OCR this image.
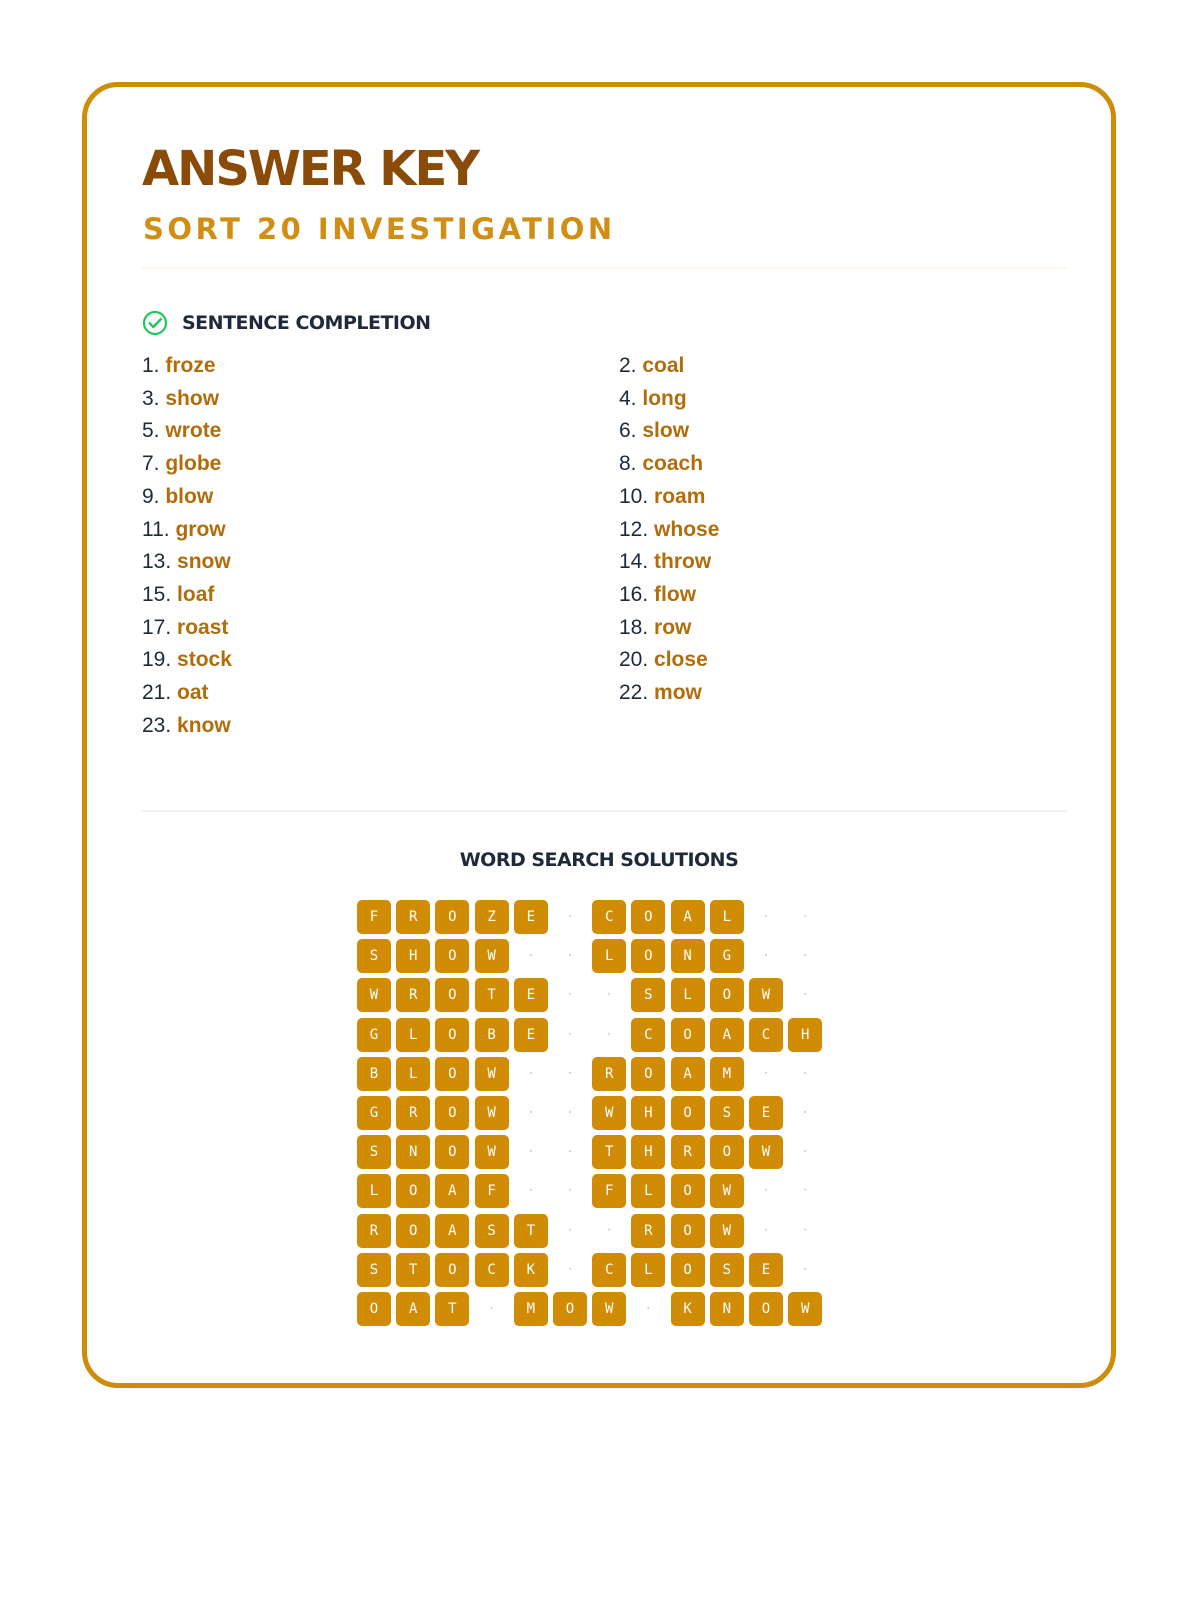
ANSWER KEY
SORT 20 INVESTIGATION
SENTENCE COMPLETION
1. froze	2. coal
3. show	4. long
5. wrote	6. slow
7. globe	8. coach
9. blow	10. roam
11. grow	12. whose
13. snow	14. throw
15. loaf	16. flow
17. roast	18. row
19. stock	20. close
21. oat	22. mow
23. know
WORD SEARCH SOLUTIONS
F	R	O	Z	E	·	C	O	A	L	·	·
S	H	O	W	·	·	L	O	N	G	·	·
W	R	O	T	E	·	·	S	L	O	W	·
G	L	O	B	E	·	·	C	O	A	C	H
B	L	O	W	·	·	R	O	A	M	·	·
G	R	O	W	·	·	W	H	O	S	E	·
S	N	O	W	·	·	T	H	R	O	W	·
L	O	A	F	·	·	F	L	O	W	·	·
R	O	A	S	T	·	·	R	O	W	·	·
S	T	O	C	K	·	C	L	O	S	E	·
O	A	T	·	M	O	W	·	K	N	O	W
